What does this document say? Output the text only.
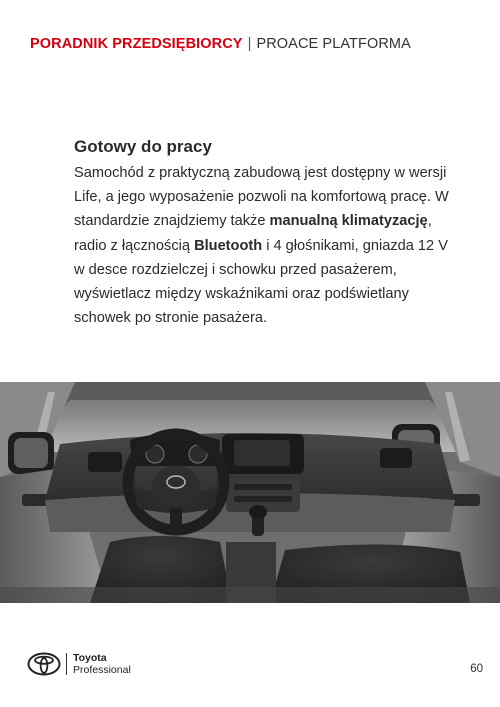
PORADNIK PRZEDSIĘBIORCY | PROACE PLATFORMA
Gotowy do pracy

Samochód z praktyczną zabudową jest dostępny w wersji Life, a jego wyposażenie pozwoli na komfortową pracę. W standardzie znajdziemy także manualną klimatyzację, radio z łącznością Bluetooth i 4 głośnikami, gniazda 12 V w desce rozdzielczej i schowku przed pasażerem, wyświetlacz między wskaźnikami oraz podświetlany schowek po stronie pasażera.

Toyota
Professional	60
